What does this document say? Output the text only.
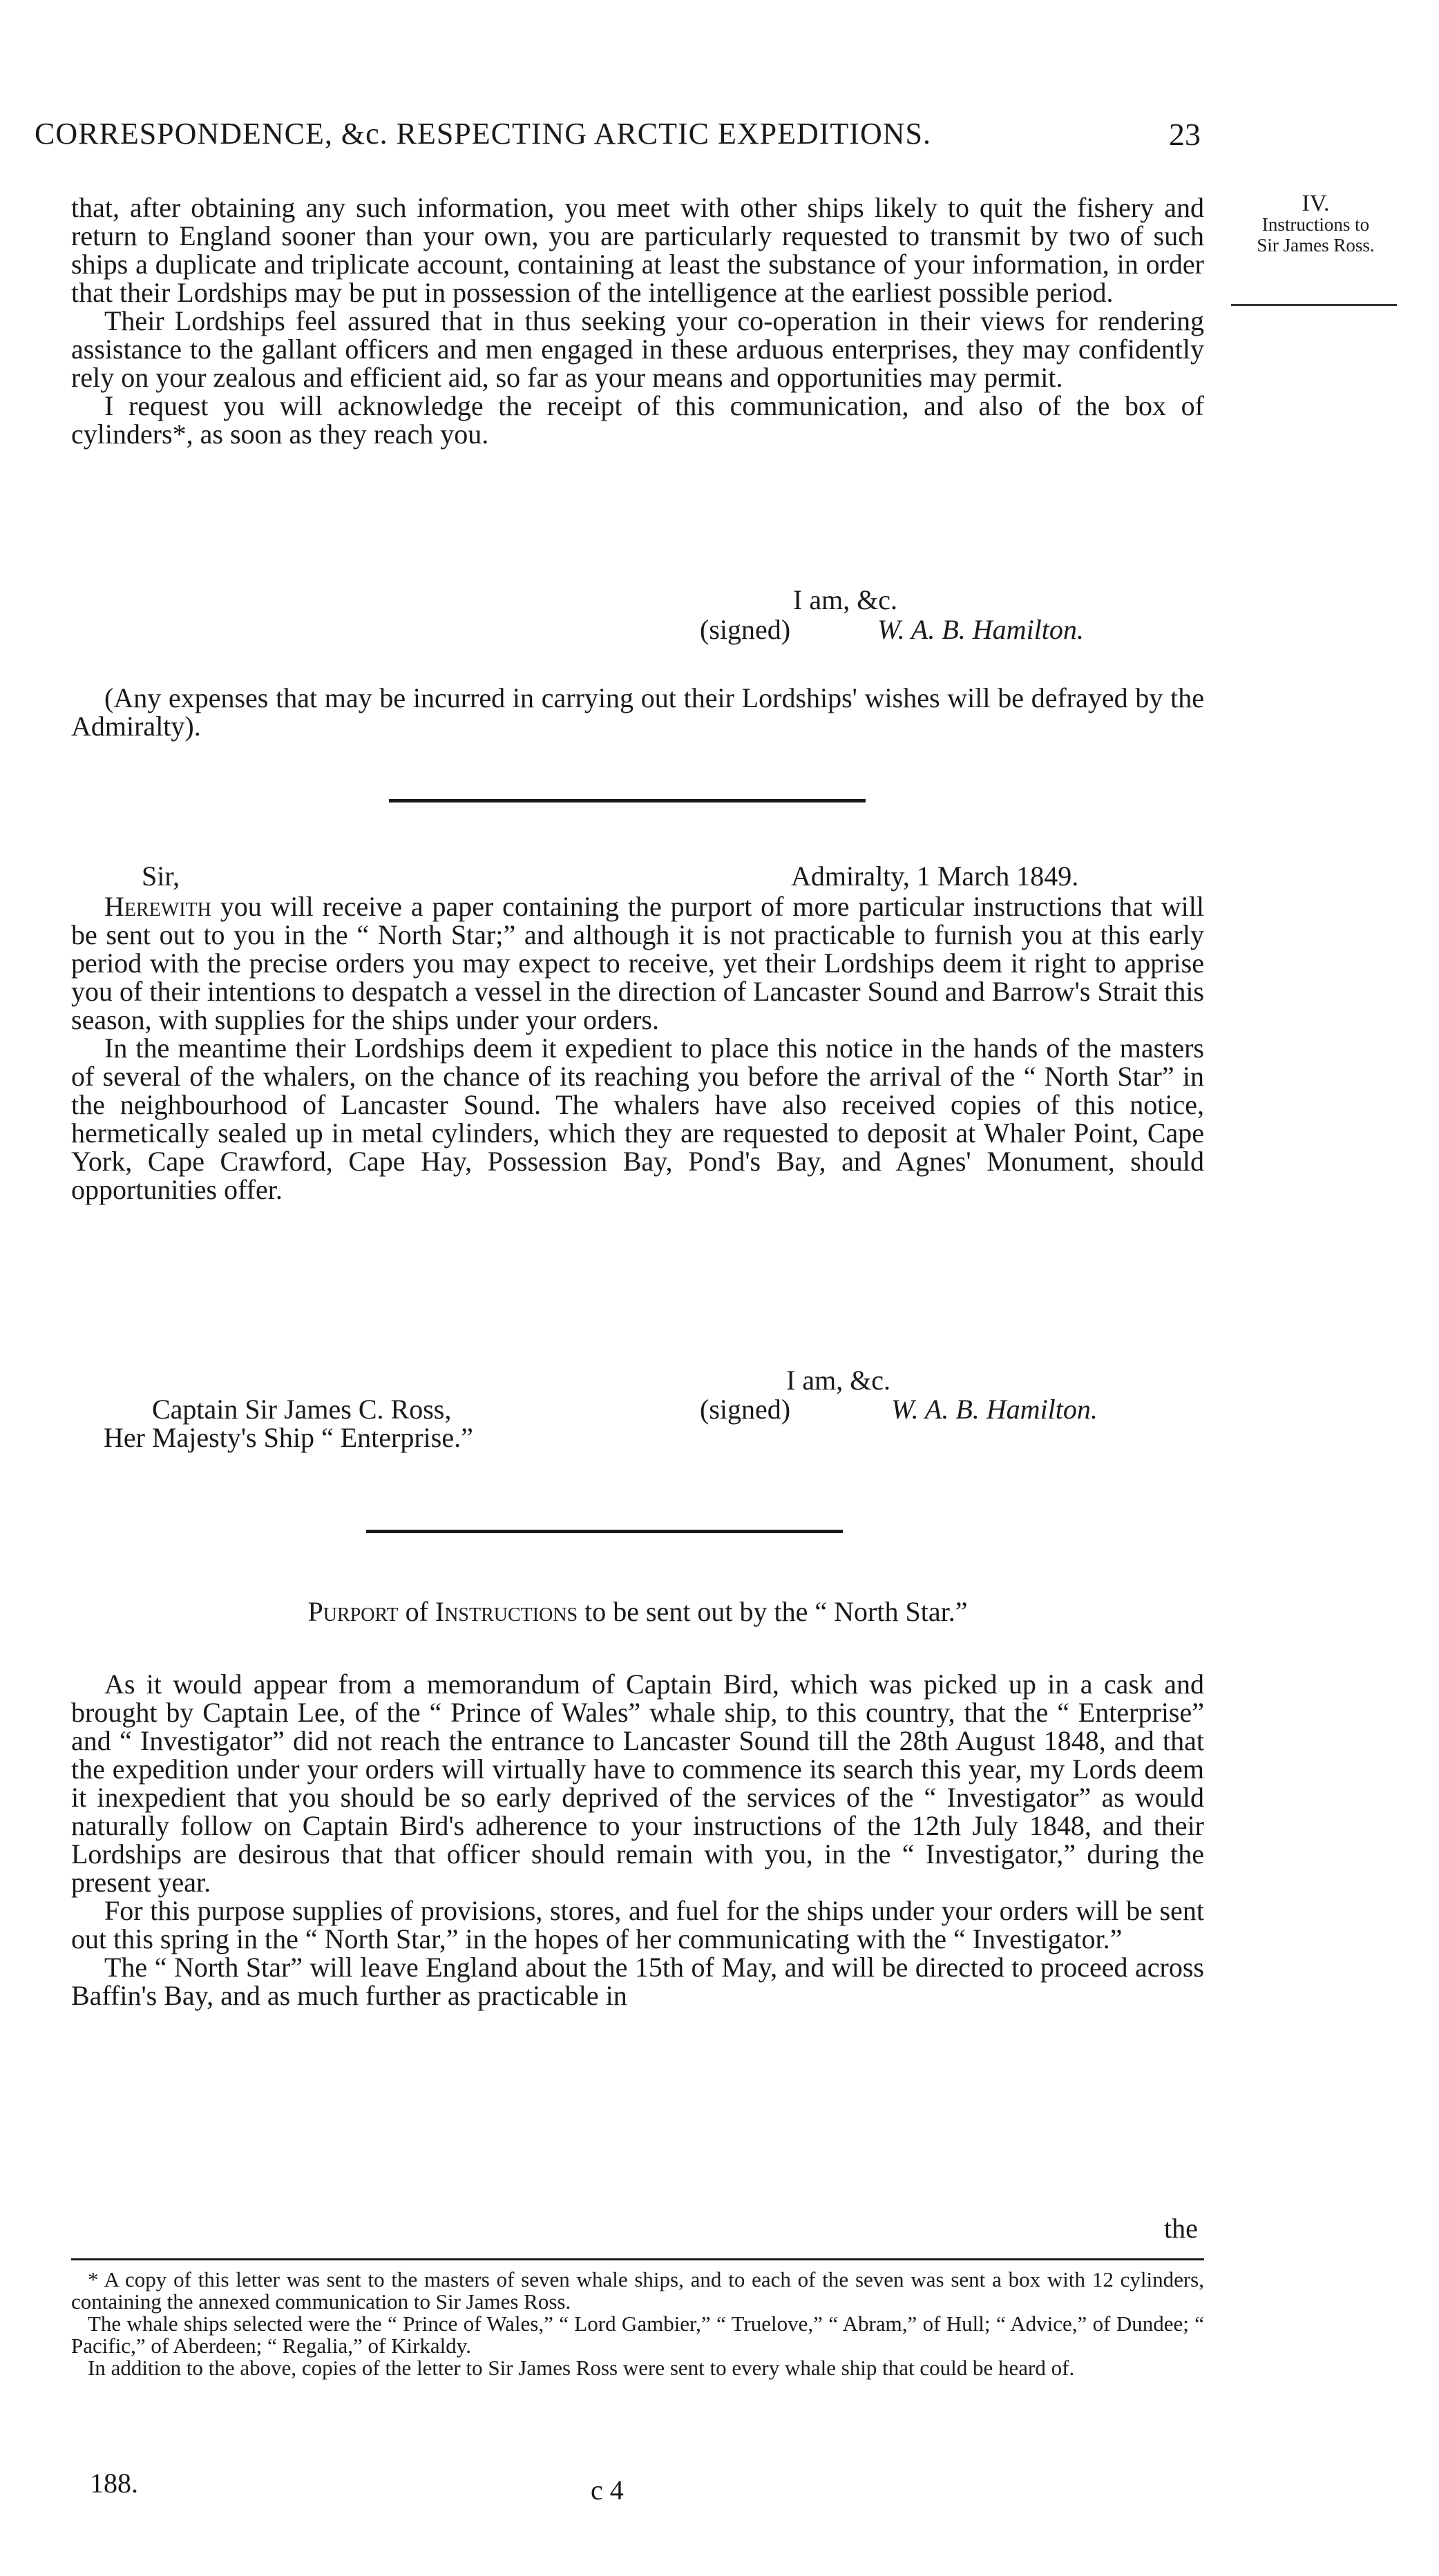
CORRESPONDENCE, &c. RESPECTING ARCTIC EXPEDITIONS.	23
IV.
Instructions to
Sir James Ross.

that, after obtaining any such information, you meet with other ships likely to quit the fishery and return to England sooner than your own, you are particularly requested to transmit by two of such ships a duplicate and triplicate account, containing at least the substance of your information, in order that their Lordships may be put in possession of the intelligence at the earliest possible period.

Their Lordships feel assured that in thus seeking your co-operation in their views for rendering assistance to the gallant officers and men engaged in these arduous enterprises, they may confidently rely on your zealous and efficient aid, so far as your means and opportunities may permit.

I request you will acknowledge the receipt of this communication, and also of the box of cylinders*, as soon as they reach you.

I am, &c.
(signed)	W. A. B. Hamilton.

(Any expenses that may be incurred in carrying out their Lordships' wishes will be defrayed by the Admiralty).

Sir,	Admiralty, 1 March 1849.

Herewith you will receive a paper containing the purport of more particular instructions that will be sent out to you in the “ North Star;” and although it is not practicable to furnish you at this early period with the precise orders you may expect to receive, yet their Lordships deem it right to apprise you of their intentions to despatch a vessel in the direction of Lancaster Sound and Barrow's Strait this season, with supplies for the ships under your orders.

In the meantime their Lordships deem it expedient to place this notice in the hands of the masters of several of the whalers, on the chance of its reaching you before the arrival of the “ North Star” in the neighbourhood of Lancaster Sound. The whalers have also received copies of this notice, hermetically sealed up in metal cylinders, which they are requested to deposit at Whaler Point, Cape York, Cape Crawford, Cape Hay, Possession Bay, Pond's Bay, and Agnes' Monument, should opportunities offer.

I am, &c.
Captain Sir James C. Ross,	(signed)	W. A. B. Hamilton.
Her Majesty's Ship “ Enterprise.”
Purport of Instructions to be sent out by the “ North Star.”

As it would appear from a memorandum of Captain Bird, which was picked up in a cask and brought by Captain Lee, of the “ Prince of Wales” whale ship, to this country, that the “ Enterprise” and “ Investigator” did not reach the entrance to Lancaster Sound till the 28th August 1848, and that the expedition under your orders will virtually have to commence its search this year, my Lords deem it inexpedient that you should be so early deprived of the services of the “ Investigator” as would naturally follow on Captain Bird's adherence to your instructions of the 12th July 1848, and their Lordships are desirous that that officer should remain with you, in the “ Investigator,” during the present year.

For this purpose supplies of provisions, stores, and fuel for the ships under your orders will be sent out this spring in the “ North Star,” in the hopes of her communicating with the “ Investigator.”

The “ North Star” will leave England about the 15th of May, and will be directed to proceed across Baffin's Bay, and as much further as practicable in

the

* A copy of this letter was sent to the masters of seven whale ships, and to each of the seven was sent a box with 12 cylinders, containing the annexed communication to Sir James Ross.

The whale ships selected were the “ Prince of Wales,” “ Lord Gambier,” “ Truelove,” “ Abram,” of Hull; “ Advice,” of Dundee; “ Pacific,” of Aberdeen; “ Regalia,” of Kirkaldy.

In addition to the above, copies of the letter to Sir James Ross were sent to every whale ship that could be heard of.

188.	c 4
